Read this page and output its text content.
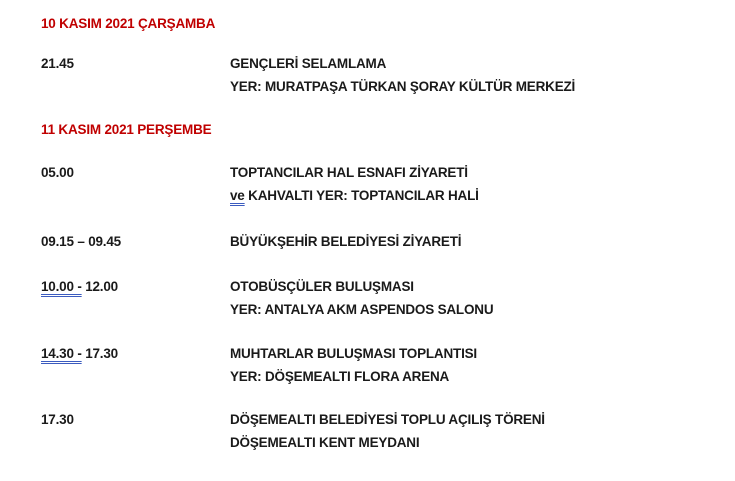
10 KASIM 2021 ÇARŞAMBA
21.45	GENÇLERİ SELAMLAMA
YER: MURATPAŞA TÜRKAN ŞORAY KÜLTÜR MERKEZİ
11 KASIM 2021 PERŞEMBE
05.00	TOPTANCILAR HAL ESNAFI ZİYARETİ
ve KAHVALTI YER: TOPTANCILAR HALİ
09.15 – 09.45	BÜYÜKŞEHİR BELEDİYESİ ZİYARETİ
10.00 - 12.00	OTOBÜSÇÜLER BULUŞMASI
YER: ANTALYA AKM ASPENDOS SALONU
14.30 - 17.30	MUHTARLAR BULUŞMASI TOPLANTISI
YER: DÖŞEMEALTI FLORA ARENA
17.30	DÖŞEMEALTI BELEDİYESİ TOPLU AÇILIŞ TÖRENİ
DÖŞEMEALTI KENT MEYDANI
